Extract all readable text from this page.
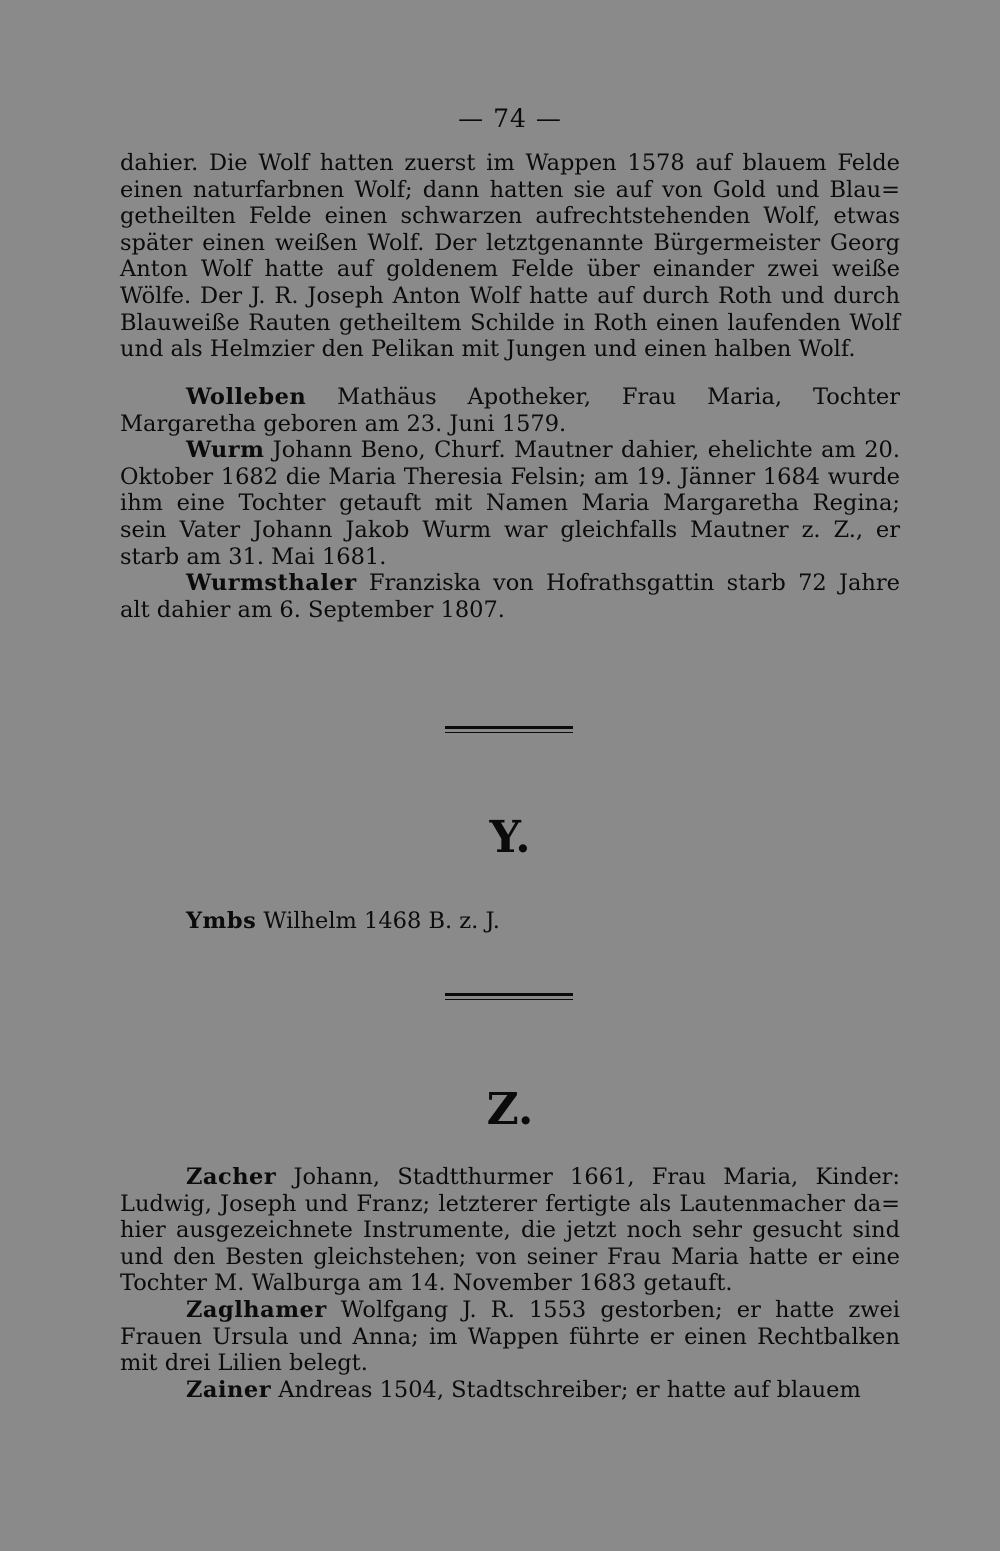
— 74 —

dahier. Die Wolf hatten zuerst im Wappen 1578 auf blauem Felde einen naturfarbnen Wolf; dann hatten sie auf von Gold und Blau= getheilten Felde einen schwarzen aufrechtstehenden Wolf, etwas später einen weißen Wolf. Der letztgenannte Bürgermeister Georg Anton Wolf hatte auf goldenem Felde über einander zwei weiße Wölfe. Der J. R. Joseph Anton Wolf hatte auf durch Roth und durch Blauweiße Rauten getheiltem Schilde in Roth einen laufenden Wolf und als Helmzier den Pelikan mit Jungen und einen halben Wolf.

Wolleben Mathäus Apotheker, Frau Maria, Tochter Margaretha geboren am 23. Juni 1579.

Wurm Johann Beno, Churf. Mautner dahier, ehelichte am 20. Oktober 1682 die Maria Theresia Felsin; am 19. Jänner 1684 wurde ihm eine Tochter getauft mit Namen Maria Margaretha Regina; sein Vater Johann Jakob Wurm war gleichfalls Mautner z. Z., er starb am 31. Mai 1681.

Wurmsthaler Franziska von Hofrathsgattin starb 72 Jahre alt dahier am 6. September 1807.

Y.

Ymbs Wilhelm 1468 B. z. J.

Z.

Zacher Johann, Stadtthurmer 1661, Frau Maria, Kinder: Ludwig, Joseph und Franz; letzterer fertigte als Lautenmacher da= hier ausgezeichnete Instrumente, die jetzt noch sehr gesucht sind und den Besten gleichstehen; von seiner Frau Maria hatte er eine Tochter M. Walburga am 14. November 1683 getauft.

Zaglhamer Wolfgang J. R. 1553 gestorben; er hatte zwei Frauen Ursula und Anna; im Wappen führte er einen Rechtbalken mit drei Lilien belegt.

Zainer Andreas 1504, Stadtschreiber; er hatte auf blauem
